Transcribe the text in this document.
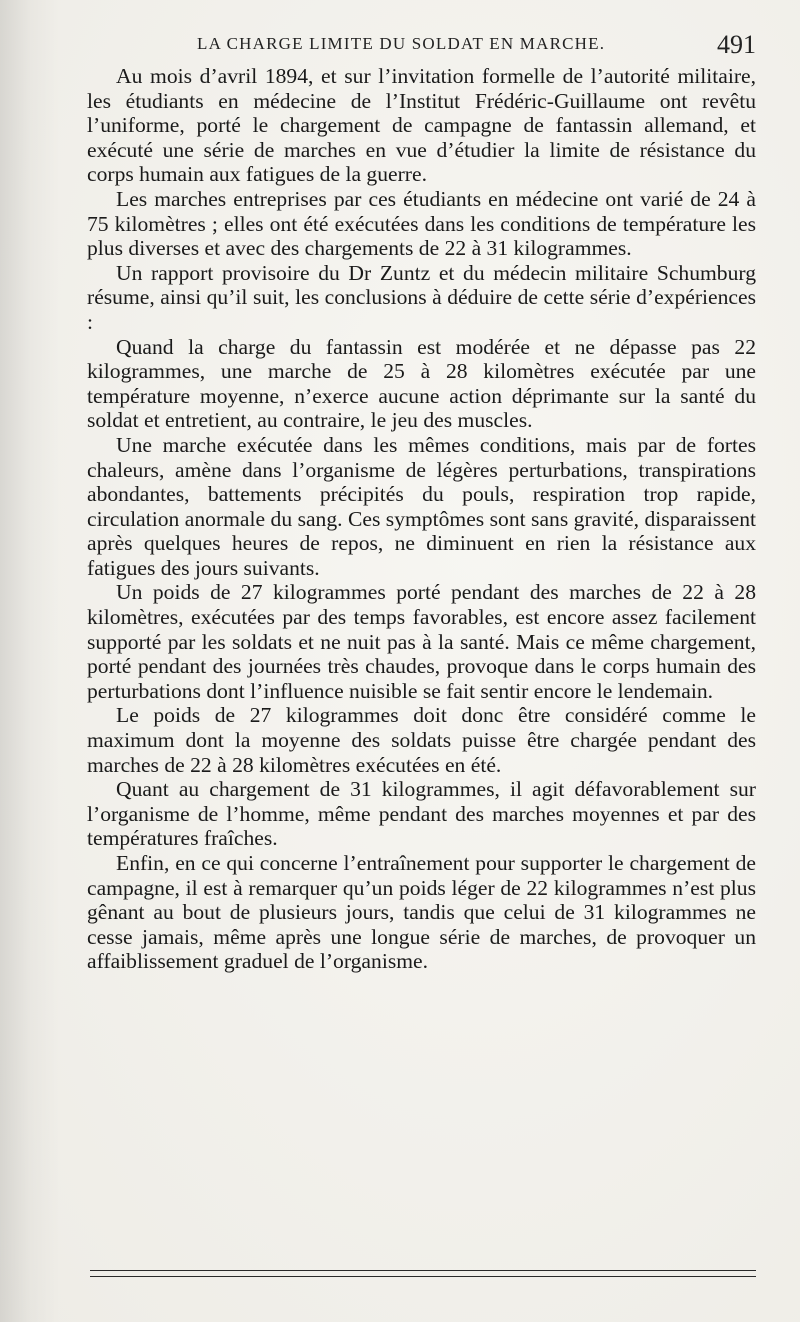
LA CHARGE LIMITE DU SOLDAT EN MARCHE.	491

Au mois d’avril 1894, et sur l’invitation formelle de l’autorité militaire, les étudiants en médecine de l’Institut Frédéric-Guillaume ont revêtu l’uniforme, porté le chargement de campagne de fantassin allemand, et exécuté une série de marches en vue d’étudier la limite de résistance du corps humain aux fatigues de la guerre.

Les marches entreprises par ces étudiants en médecine ont varié de 24 à 75 kilomètres ; elles ont été exécutées dans les conditions de température les plus diverses et avec des chargements de 22 à 31 kilogrammes.

Un rapport provisoire du Dr Zuntz et du médecin militaire Schumburg résume, ainsi qu’il suit, les conclusions à déduire de cette série d’expériences :

Quand la charge du fantassin est modérée et ne dépasse pas 22 kilogrammes, une marche de 25 à 28 kilomètres exécutée par une température moyenne, n’exerce aucune action déprimante sur la santé du soldat et entretient, au contraire, le jeu des muscles.

Une marche exécutée dans les mêmes conditions, mais par de fortes chaleurs, amène dans l’organisme de légères perturbations, transpirations abondantes, battements précipités du pouls, respiration trop rapide, circulation anormale du sang. Ces symptômes sont sans gravité, disparaissent après quelques heures de repos, ne diminuent en rien la résistance aux fatigues des jours suivants.

Un poids de 27 kilogrammes porté pendant des marches de 22 à 28 kilomètres, exécutées par des temps favorables, est encore assez facilement supporté par les soldats et ne nuit pas à la santé. Mais ce même chargement, porté pendant des journées très chaudes, provoque dans le corps humain des perturbations dont l’influence nuisible se fait sentir encore le lendemain.

Le poids de 27 kilogrammes doit donc être considéré comme le maximum dont la moyenne des soldats puisse être chargée pendant des marches de 22 à 28 kilomètres exécutées en été.

Quant au chargement de 31 kilogrammes, il agit défavorablement sur l’organisme de l’homme, même pendant des marches moyennes et par des températures fraîches.

Enfin, en ce qui concerne l’entraînement pour supporter le chargement de campagne, il est à remarquer qu’un poids léger de 22 kilogrammes n’est plus gênant au bout de plusieurs jours, tandis que celui de 31 kilogrammes ne cesse jamais, même après une longue série de marches, de provoquer un affaiblissement graduel de l’organisme.
